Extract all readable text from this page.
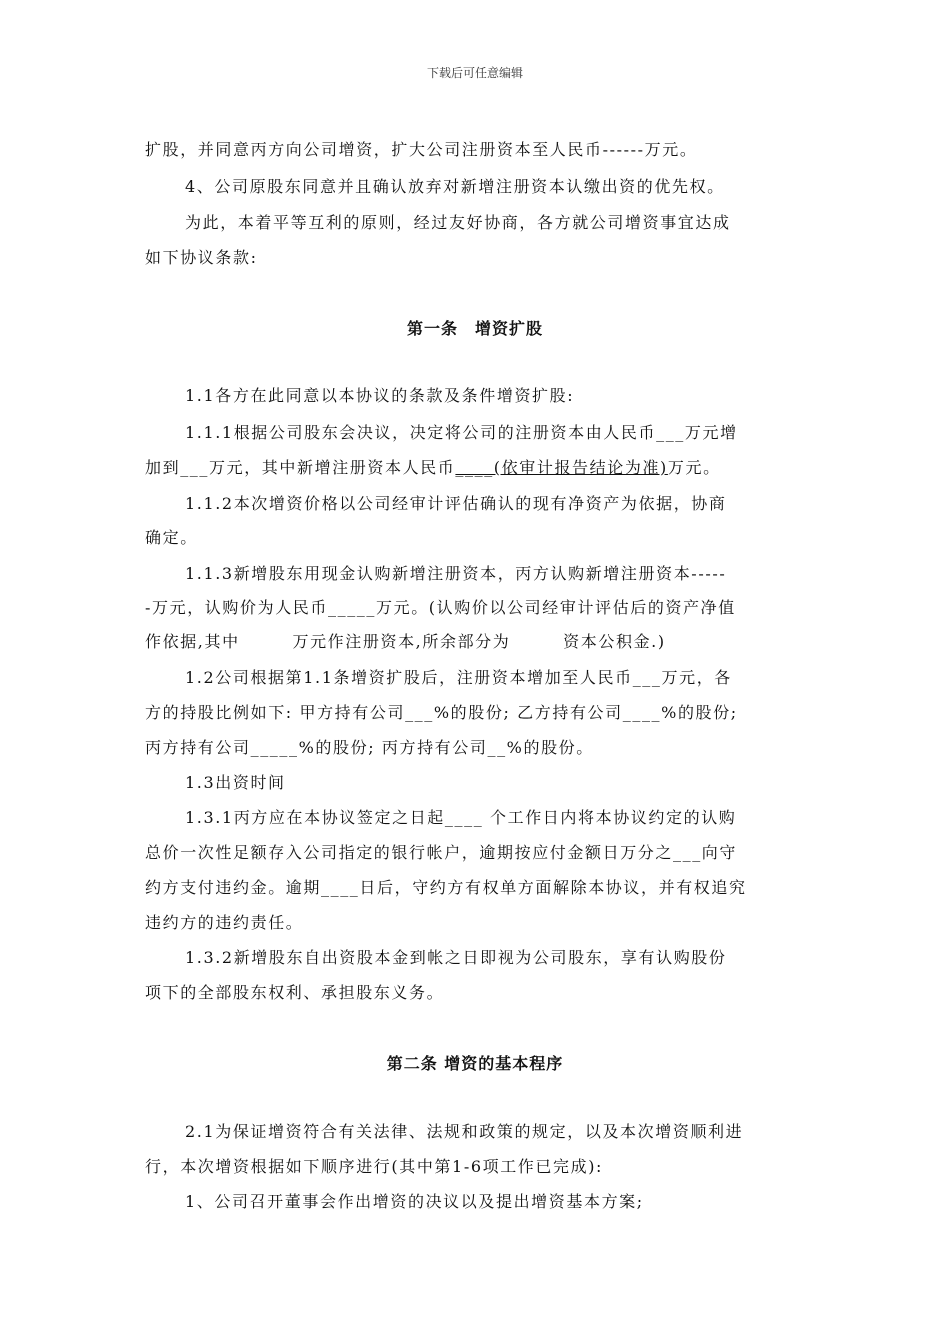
下载后可任意编辑
扩股，并同意丙方向公司增资，扩大公司注册资本至人民币------万元。
4、公司原股东同意并且确认放弃对新增注册资本认缴出资的优先权。
为此，本着平等互利的原则，经过友好协商，各方就公司增资事宜达成
如下协议条款:
第一条　增资扩股
1.1各方在此同意以本协议的条款及条件增资扩股:
1.1.1根据公司股东会决议，决定将公司的注册资本由人民币___万元增
加到___万元，其中新增注册资本人民币____(依审计报告结论为准)万元。
1.1.2本次增资价格以公司经审计评估确认的现有净资产为依据，协商
确定。
1.1.3新增股东用现金认购新增注册资本，丙方认购新增注册资本-----
-万元，认购价为人民币_____万元。(认购价以公司经审计评估后的资产净值
作依据,其中　　　万元作注册资本,所余部分为　　　资本公积金.)
1.2公司根据第1.1条增资扩股后，注册资本增加至人民币___万元，各
方的持股比例如下: 甲方持有公司___%的股份; 乙方持有公司____%的股份;
丙方持有公司_____%的股份; 丙方持有公司__%的股份。
1.3出资时间
1.3.1丙方应在本协议签定之日起____ 个工作日内将本协议约定的认购
总价一次性足额存入公司指定的银行帐户，逾期按应付金额日万分之___向守
约方支付违约金。逾期____日后，守约方有权单方面解除本协议，并有权追究
违约方的违约责任。
1.3.2新增股东自出资股本金到帐之日即视为公司股东，享有认购股份
项下的全部股东权利、承担股东义务。
第二条 增资的基本程序
2.1为保证增资符合有关法律、法规和政策的规定，以及本次增资顺利进
行，本次增资根据如下顺序进行(其中第1-6项工作已完成):
1、公司召开董事会作出增资的决议以及提出增资基本方案;
